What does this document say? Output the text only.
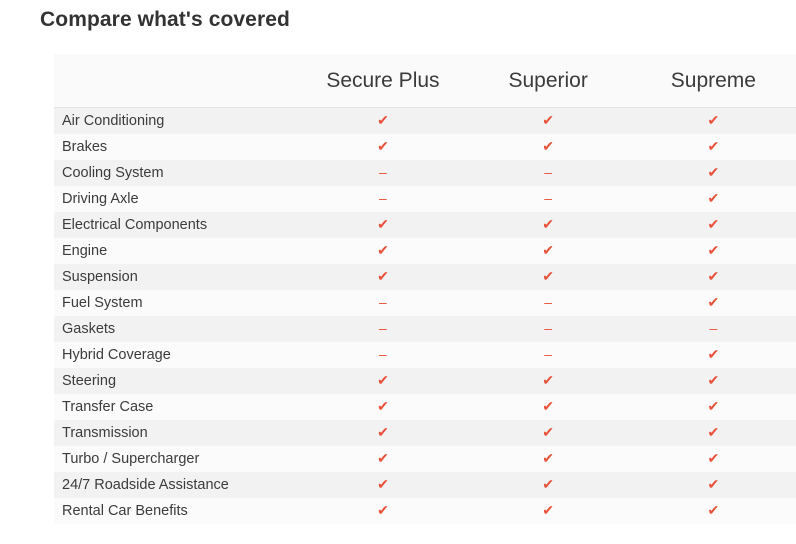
Compare what's covered
	Secure Plus	Superior	Supreme
Air Conditioning	✔	✔	✔
Brakes	✔	✔	✔
Cooling System	–	–	✔
Driving Axle	–	–	✔
Electrical Components	✔	✔	✔
Engine	✔	✔	✔
Suspension	✔	✔	✔
Fuel System	–	–	✔
Gaskets	–	–	–
Hybrid Coverage	–	–	✔
Steering	✔	✔	✔
Transfer Case	✔	✔	✔
Transmission	✔	✔	✔
Turbo / Supercharger	✔	✔	✔
24/7 Roadside Assistance	✔	✔	✔
Rental Car Benefits	✔	✔	✔
